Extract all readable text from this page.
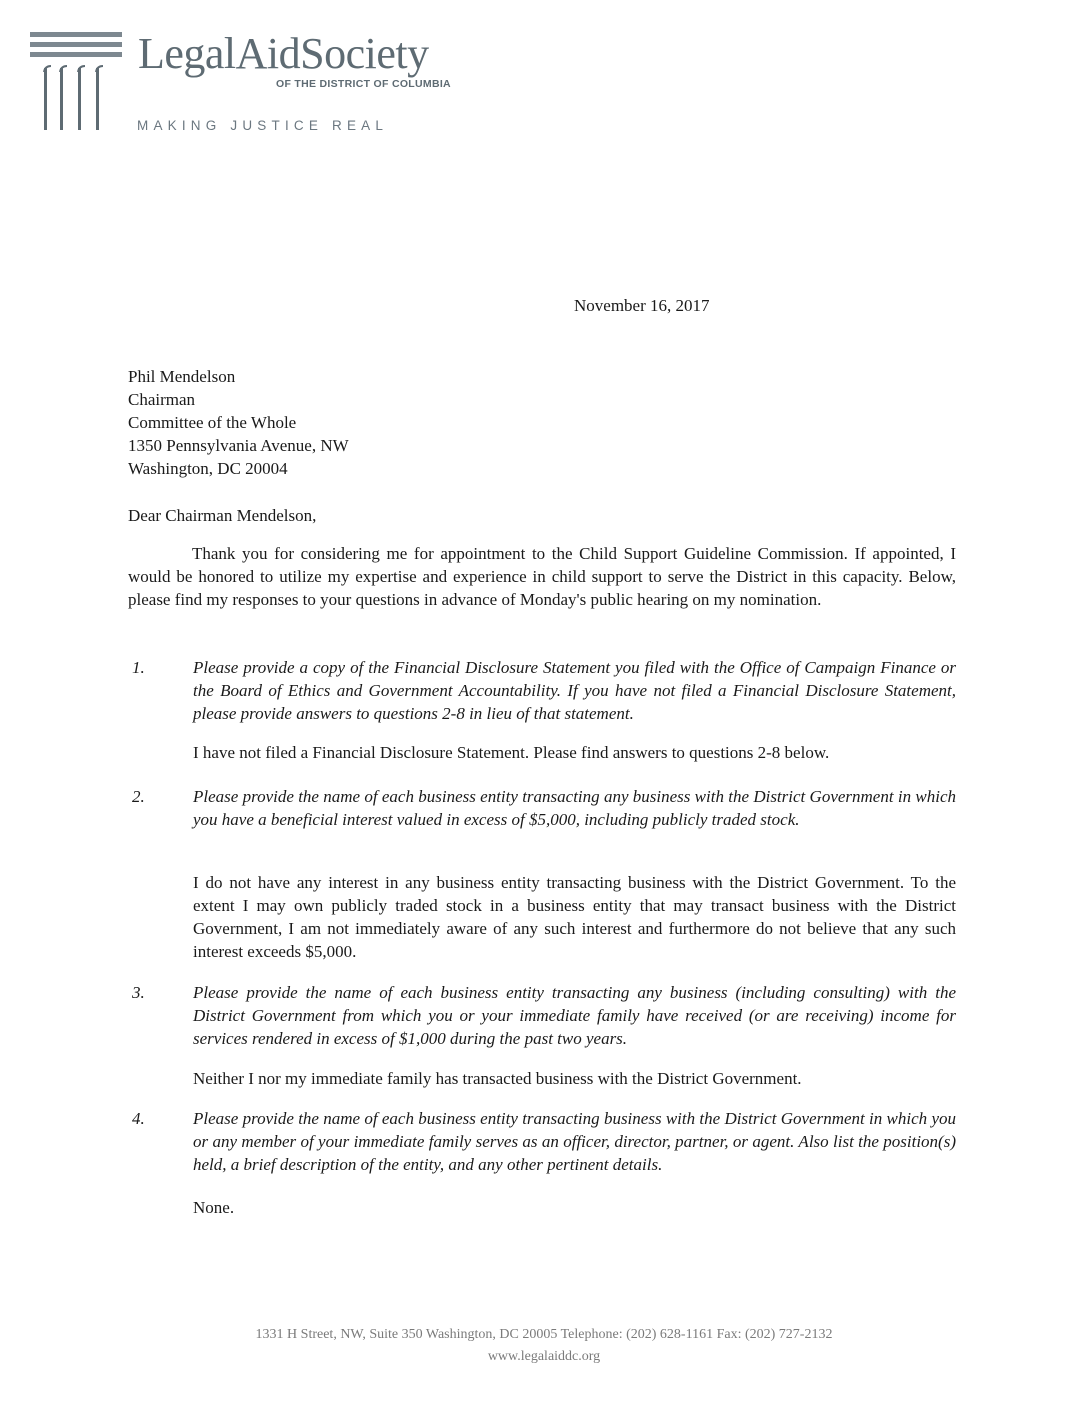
LegalAidSociety
OF THE DISTRICT OF COLUMBIA
MAKING JUSTICE REAL
November 16, 2017
Phil Mendelson
Chairman
Committee of the Whole
1350 Pennsylvania Avenue, NW
Washington, DC 20004
Dear Chairman Mendelson,

Thank you for considering me for appointment to the Child Support Guideline Commission. If appointed, I would be honored to utilize my expertise and experience in child support to serve the District in this capacity. Below, please find my responses to your questions in advance of Monday's public hearing on my nomination.

1.	Please provide a copy of the Financial Disclosure Statement you filed with the Office of Campaign Finance or the Board of Ethics and Government Accountability. If you have not filed a Financial Disclosure Statement, please provide answers to questions 2-8 in lieu of that statement.
I have not filed a Financial Disclosure Statement. Please find answers to questions 2-8 below.
2.	Please provide the name of each business entity transacting any business with the District Government in which you have a beneficial interest valued in excess of $5,000, including publicly traded stock.
I do not have any interest in any business entity transacting business with the District Government. To the extent I may own publicly traded stock in a business entity that may transact business with the District Government, I am not immediately aware of any such interest and furthermore do not believe that any such interest exceeds $5,000.
3.	Please provide the name of each business entity transacting any business (including consulting) with the District Government from which you or your immediate family have received (or are receiving) income for services rendered in excess of $1,000 during the past two years.
Neither I nor my immediate family has transacted business with the District Government.
4.	Please provide the name of each business entity transacting business with the District Government in which you or any member of your immediate family serves as an officer, director, partner, or agent. Also list the position(s) held, a brief description of the entity, and any other pertinent details.
None.
1331 H Street, NW, Suite 350 Washington, DC 20005 Telephone: (202) 628-1161 Fax: (202) 727-2132
www.legalaiddc.org
